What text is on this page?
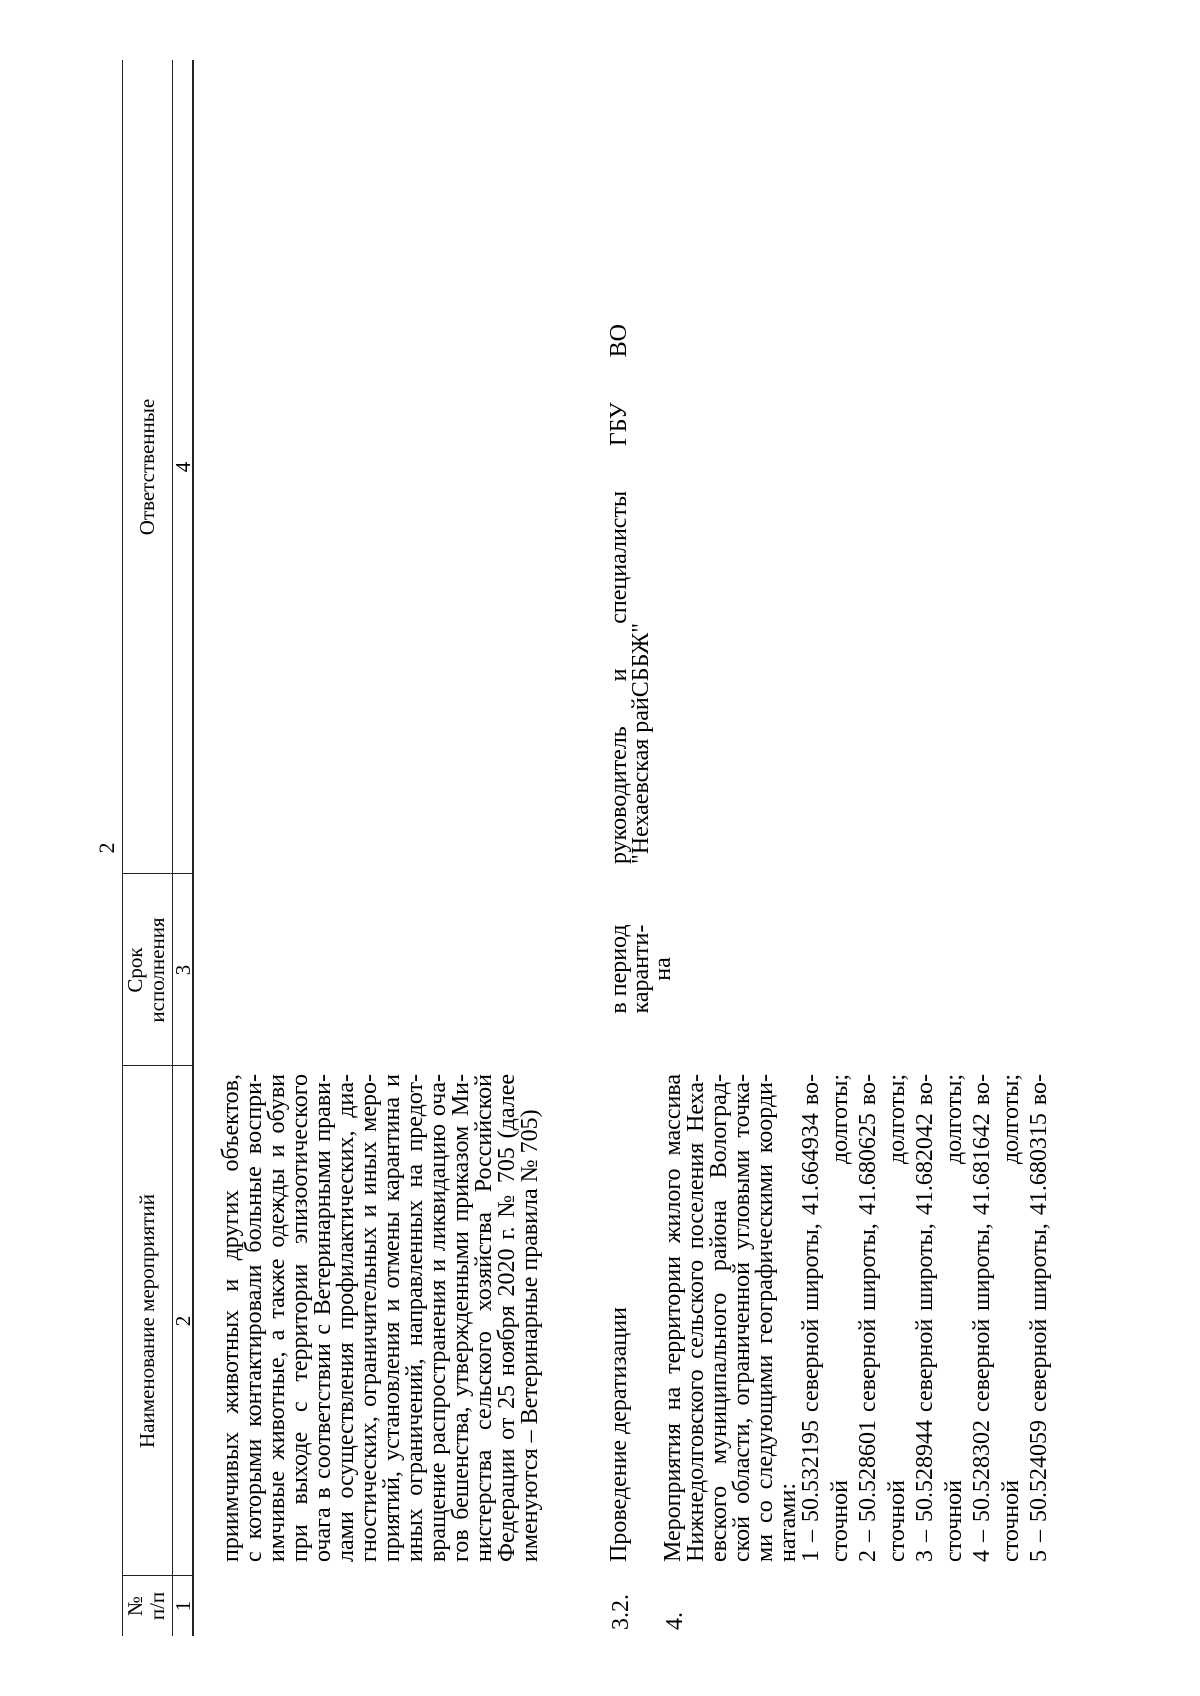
2
№
п/п
Наименование мероприятий
Срок
исполнения
Ответственные
1
2
3
4
приимчивых животных и других объектов,
с которыми контактировали больные воспри-
имчивые животные, а также одежды и обуви
при выходе с территории эпизоотического
очага в соответствии с Ветеринарными прави-
лами осуществления профилактических, диа-
гностических, ограничительных и иных меро-
приятий, установления и отмены карантина и
иных ограничений, направленных на предот-
вращение распространения и ликвидацию оча-
гов бешенства, утвержденными приказом Ми-
нистерства сельского хозяйства Российской
Федерации от 25 ноября 2020 г. № 705 (далее
именуются – Ветеринарные правила № 705)
3.2.
Проведение дератизации
в период каранти-
на
руководитель
и
специалисты
ГБУ
ВО
"Нехаевская райСББЖ"
4.
Мероприятия на территории жилого массива
Нижнедолговского сельского поселения Неха-
евского муниципального района Волоград-
ской области, ограниченной угловыми точка-
ми со следующими географическими коорди-
натами:
1 – 50.532195 северной широты, 41.664934 во- сточной долготы; 2 – 50.528601 северной широты, 41.680625 во- сточной долготы; 3 – 50.528944 северной широты, 41.682042 во- сточной долготы; 4 – 50.528302 северной широты, 41.681642 во- сточной долготы; 5 – 50.524059 северной широты, 41.680315 во-
